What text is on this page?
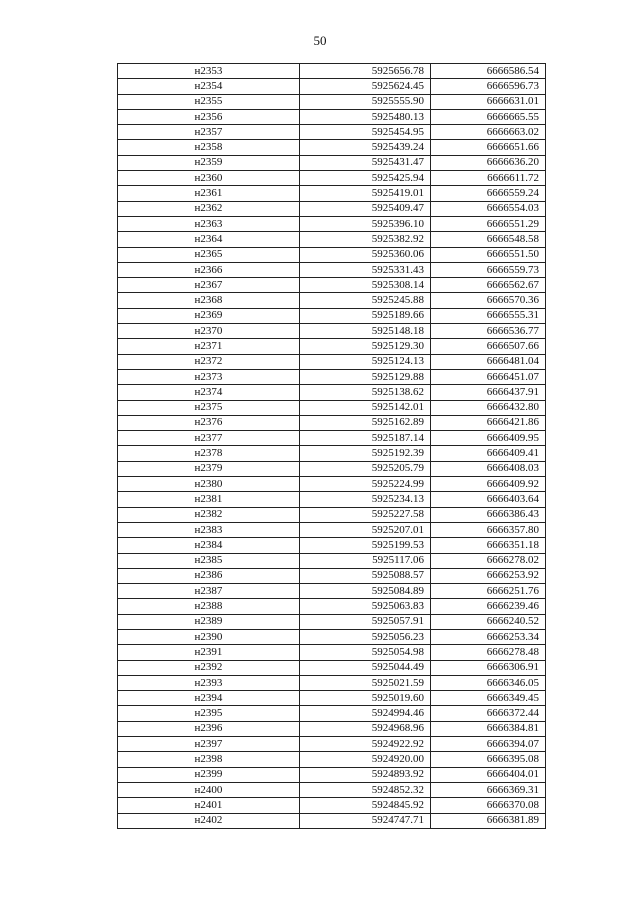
50
н2353	5925656.78	6666586.54
н2354	5925624.45	6666596.73
н2355	5925555.90	6666631.01
н2356	5925480.13	6666665.55
н2357	5925454.95	6666663.02
н2358	5925439.24	6666651.66
н2359	5925431.47	6666636.20
н2360	5925425.94	6666611.72
н2361	5925419.01	6666559.24
н2362	5925409.47	6666554.03
н2363	5925396.10	6666551.29
н2364	5925382.92	6666548.58
н2365	5925360.06	6666551.50
н2366	5925331.43	6666559.73
н2367	5925308.14	6666562.67
н2368	5925245.88	6666570.36
н2369	5925189.66	6666555.31
н2370	5925148.18	6666536.77
н2371	5925129.30	6666507.66
н2372	5925124.13	6666481.04
н2373	5925129.88	6666451.07
н2374	5925138.62	6666437.91
н2375	5925142.01	6666432.80
н2376	5925162.89	6666421.86
н2377	5925187.14	6666409.95
н2378	5925192.39	6666409.41
н2379	5925205.79	6666408.03
н2380	5925224.99	6666409.92
н2381	5925234.13	6666403.64
н2382	5925227.58	6666386.43
н2383	5925207.01	6666357.80
н2384	5925199.53	6666351.18
н2385	5925117.06	6666278.02
н2386	5925088.57	6666253.92
н2387	5925084.89	6666251.76
н2388	5925063.83	6666239.46
н2389	5925057.91	6666240.52
н2390	5925056.23	6666253.34
н2391	5925054.98	6666278.48
н2392	5925044.49	6666306.91
н2393	5925021.59	6666346.05
н2394	5925019.60	6666349.45
н2395	5924994.46	6666372.44
н2396	5924968.96	6666384.81
н2397	5924922.92	6666394.07
н2398	5924920.00	6666395.08
н2399	5924893.92	6666404.01
н2400	5924852.32	6666369.31
н2401	5924845.92	6666370.08
н2402	5924747.71	6666381.89
